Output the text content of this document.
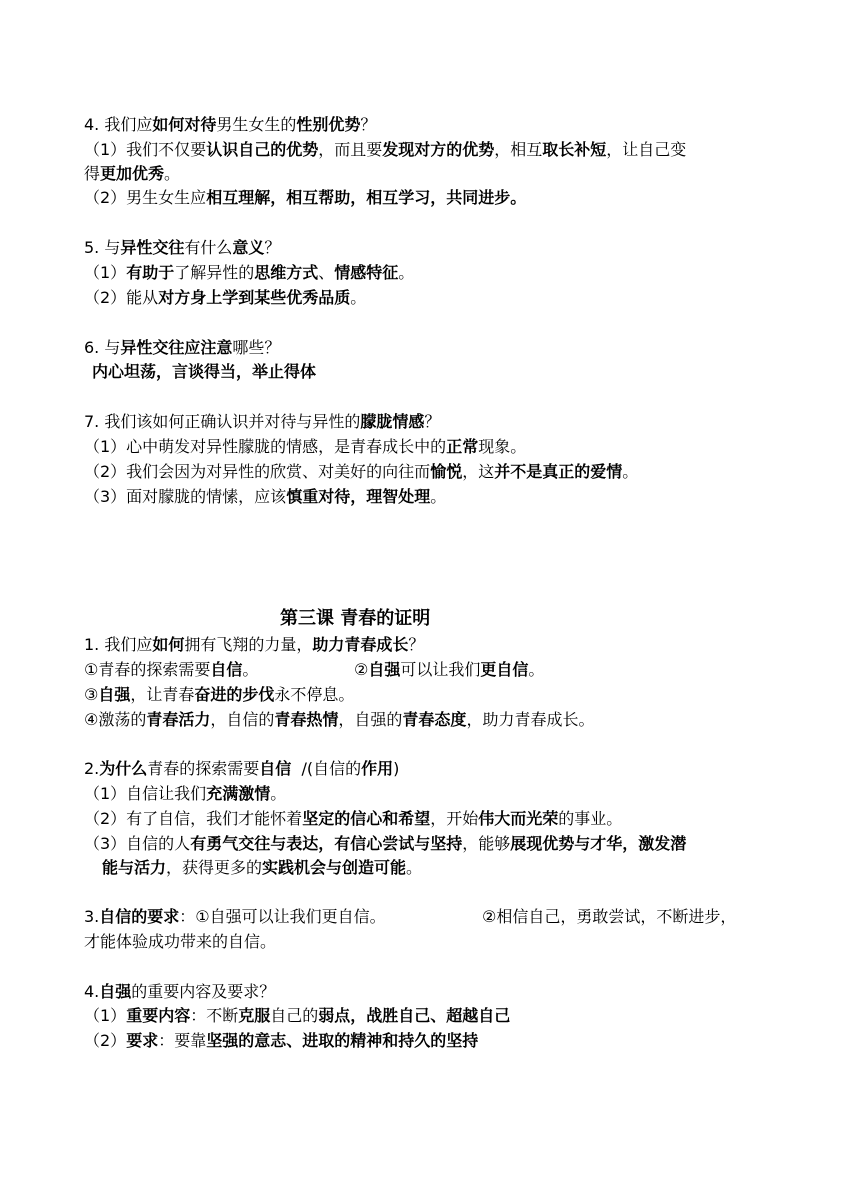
4. 我们应如何对待男生女生的性别优势？
（1）我们不仅要认识自己的优势，而且要发现对方的优势，相互取长补短，让自己变
得更加优秀。
（2）男生女生应相互理解，相互帮助，相互学习，共同进步。
5. 与异性交往有什么意义？
（1）有助于了解异性的思维方式、情感特征。
（2）能从对方身上学到某些优秀品质。
6. 与异性交往应注意哪些？
内心坦荡，言谈得当，举止得体
7. 我们该如何正确认识并对待与异性的朦胧情感？
（1）心中萌发对异性朦胧的情感，是青春成长中的正常现象。
（2）我们会因为对异性的欣赏、对美好的向往而愉悦，这并不是真正的爱情。
（3）面对朦胧的情愫，应该慎重对待，理智处理。
第三课 青春的证明
1. 我们应如何拥有飞翔的力量，助力青春成长？
①青春的探索需要自信。	②自强可以让我们更自信。
③自强，让青春奋进的步伐永不停息。
④激荡的青春活力，自信的青春热情，自强的青春态度，助力青春成长。
2.为什么青春的探索需要自信  /(自信的作用)
（1）自信让我们充满激情。
（2）有了自信，我们才能怀着坚定的信心和希望，开始伟大而光荣的事业。
（3）自信的人有勇气交往与表达，有信心尝试与坚持，能够展现优势与才华，激发潜
能与活力，获得更多的实践机会与创造可能。
3.自信的要求：①自强可以让我们更自信。	②相信自己，勇敢尝试，不断进步，
才能体验成功带来的自信。
4.自强的重要内容及要求？
（1）重要内容：不断克服自己的弱点，战胜自己、超越自己
（2）要求：要靠坚强的意志、进取的精神和持久的坚持
